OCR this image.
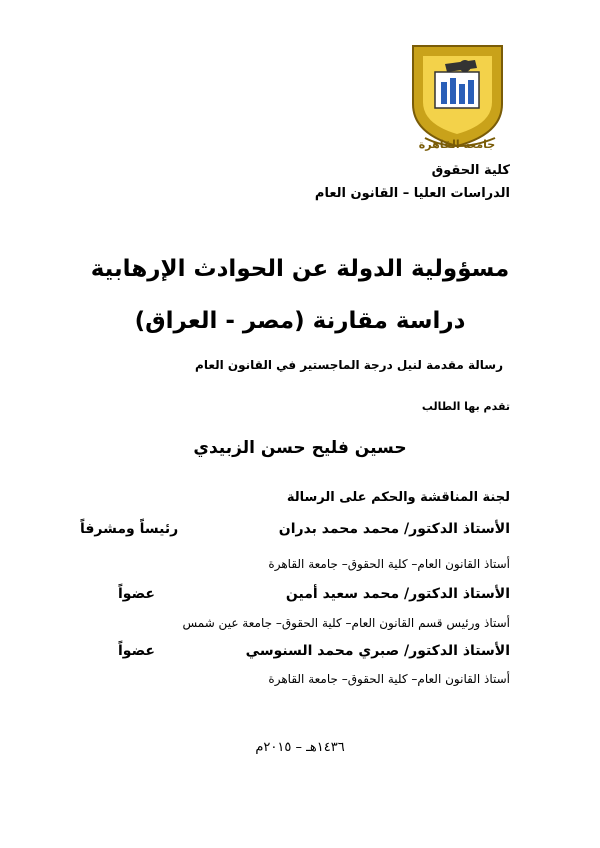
جامعة القاهرة
كلية الحقوق
الدراسات العليا – القانون العام
مسؤولية الدولة عن الحوادث الإرهابية
دراسة مقارنة (مصر - العراق)
رسالة مقدمة لنيل درجة الماجستير في القانون العام
تقدم بها الطالب
حسين فليح حسن الزبيدي
لجنة المناقشة والحكم على الرسالة
الأستاذ الدكتور/ محمد محمد بدران
رئيساً ومشرفاً
أستاذ القانون العام– كلية الحقوق– جامعة القاهرة
الأستاذ الدكتور/ محمد سعيد أمين
عضواً
أستاذ ورئيس قسم القانون العام– كلية الحقوق– جامعة عين شمس
الأستاذ الدكتور/ صبري محمد السنوسي
عضواً
أستاذ القانون العام– كلية الحقوق– جامعة القاهرة
١٤٣٦هـ – ٢٠١٥م
